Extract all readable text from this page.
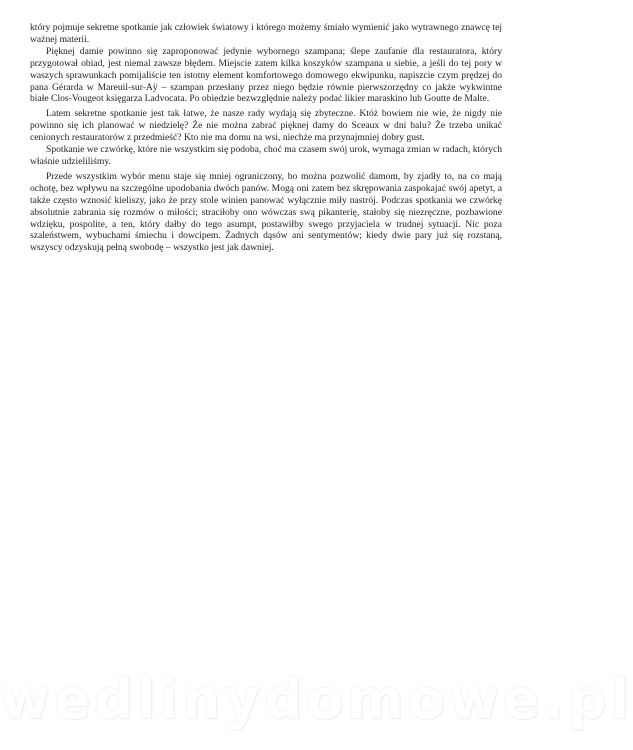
który pojmuje sekretne spotkanie jak człowiek światowy i którego możemy śmiało wymienić jako wytrawnego znawcę tej ważnej materii.

Pięknej damie powinno się zaproponować jedynie wybornego szampana; ślepe zaufanie dla restauratora, który przygotował obiad, jest niemal zawsze błędem. Miejscie zatem kilka koszyków szampana u siebie, a jeśli do tej pory w waszych sprawunkach pomijaliście ten istotny element komfortowego domowego ekwipunku, napiszcie czym prędzej do pana Gérarda w Mareuil-sur-Aÿ – szampan przesłany przez niego będzie równie pierwszorzędny co jakże wykwintne białe Clos-Vougeot księgarza Ladvocata. Po obiedzie bezwzględnie należy podać likier maraskino lub Goutte de Malte.

Latem sekretne spotkanie jest tak łatwe, że nasze rady wydają się zbyteczne. Któż bowiem nie wie, że nigdy nie powinno się ich planować w niedzielę? Że nie można zabrać pięknej damy do Sceaux w dni balu? Że trzeba unikać cenionych restauratorów z przedmieść? Kto nie ma domu na wsi, niechże ma przynajmniej dobry gust.

Spotkanie we czwórkę, które nie wszystkim się podoba, choć ma czasem swój urok, wymaga zmian w radach, których właśnie udzieliliśmy.

Przede wszystkim wybór menu staje się mniej ograniczony, bo można pozwolić damom, by zjadły to, na co mają ochotę, bez wpływu na szczególne upodobania dwóch panów. Mogą oni zatem bez skrępowania zaspokajać swój apetyt, a także często wznosić kieliszy, jako że przy stole winien panować wyłącznie miły nastrój. Podczas spotkania we czwórkę absolutnie zabrania się rozmów o miłości; straciłoby ono wówczas swą pikanterię, stałoby się niezręczne, pozbawione wdzięku, pospolite, a ten, który dałby do tego asumpt, postawiłby swego przyjaciela w trudnej sytuacji. Nic poza szaleństwem, wybuchami śmiechu i dowcipem. Żadnych dąsów ani sentymentów; kiedy dwie pary już się rozstaną, wszyscy odzyskują pełną swobodę – wszystko jest jak dawniej.

wedlinydomowe.pl
